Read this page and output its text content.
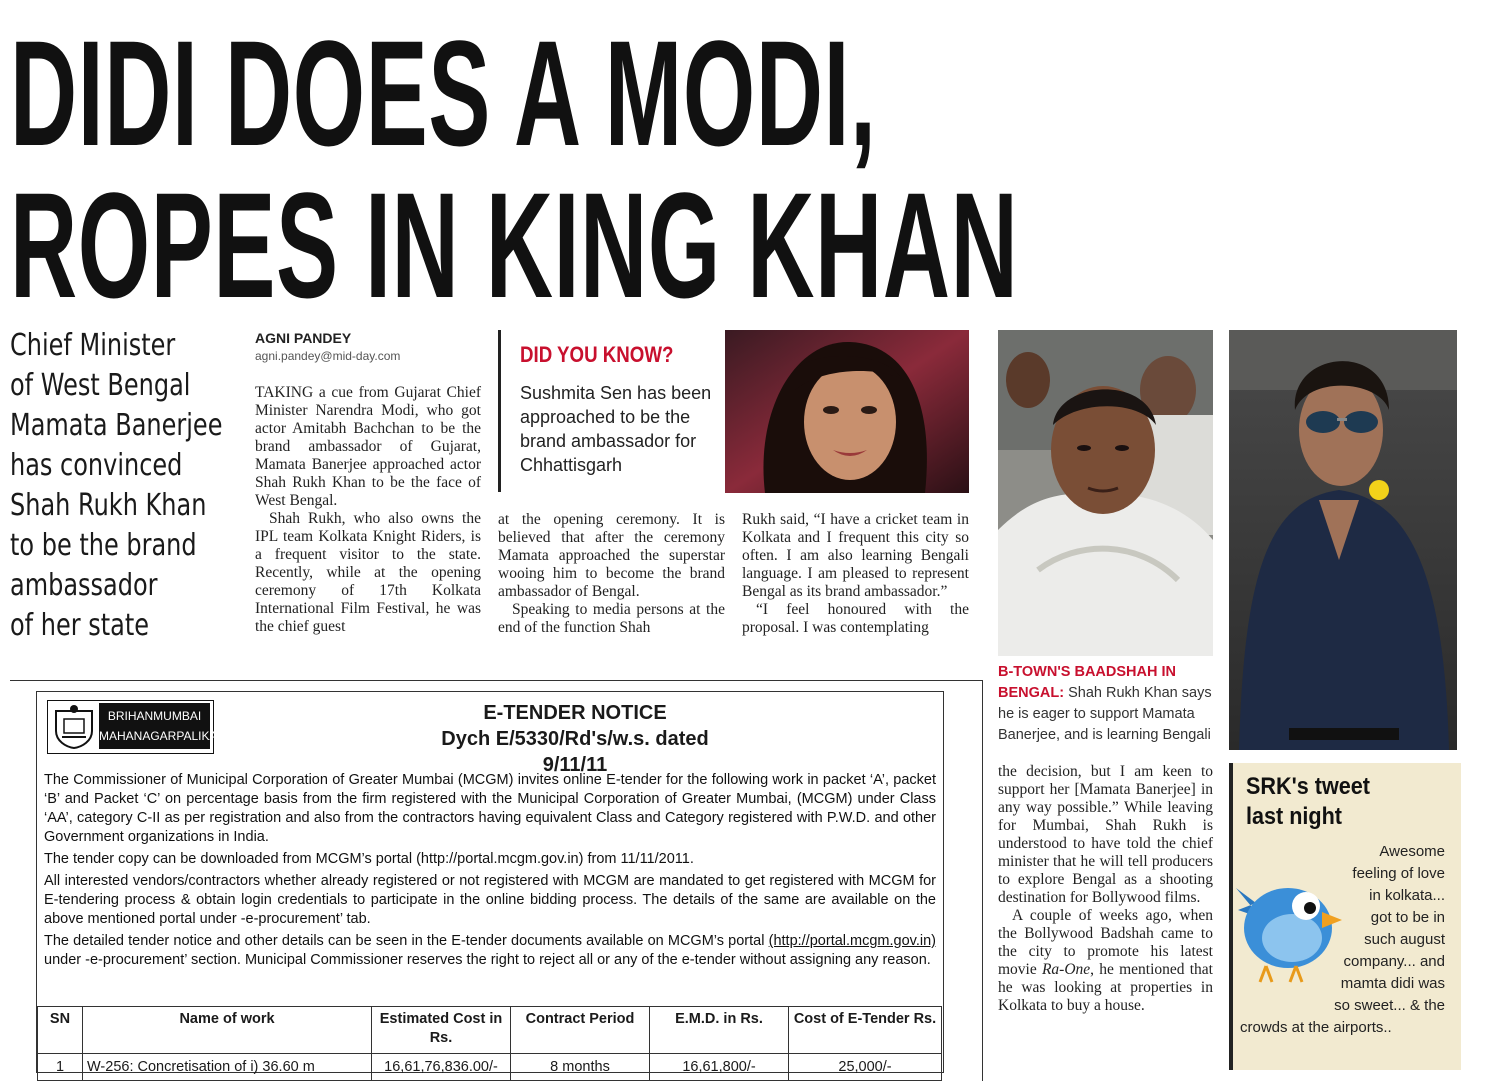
DIDI DOES A MODI,
ROPES IN KING KHAN
Chief Minister
of West Bengal
Mamata Banerjee
has convinced
Shah Rukh Khan
to be the brand
ambassador
of her state
AGNI PANDEY
agni.pandey@mid-day.com

TAKING a cue from Gujarat Chief Minister Narendra Modi, who got actor Amitabh Bachchan to be the brand ambassador of Gujarat, Mamata Banerjee approached actor Shah Rukh Khan to be the face of West Bengal.

Shah Rukh, who also owns the IPL team Kolkata Knight Riders, is a frequent visitor to the state. Recently, while at the opening ceremony of 17th Kolkata International Film Festival, he was the chief guest

DID YOU KNOW?
Sushmita Sen has been approached to be the brand ambassador for Chhattisgarh

at the opening ceremony. It is believed that after the ceremony Mamata approached the superstar wooing him to become the brand ambassador of Bengal.

Speaking to media persons at the end of the function Shah

Rukh said, “I have a cricket team in Kolkata and I frequent this city so often. I am also learning Bengali language. I am pleased to represent Bengal as its brand ambassador.”

“I feel honoured with the proposal. I was contemplating

B-TOWN'S BAADSHAH IN BENGAL: Shah Rukh Khan says he is eager to support Mamata Banerjee, and is learning Bengali

the decision, but I am keen to support her [Mamata Banerjee] in any way possible.” While leaving for Mumbai, Shah Rukh is understood to have told the chief minister that he will tell producers to explore Bengal as a shooting destination for Bollywood films.

A couple of weeks ago, when the Bollywood Badshah came to the city to promote his latest movie Ra-One, he mentioned that he was looking at properties in Kolkata to buy a house.

SRK's tweet
last night
Awesome
feeling of love
in kolkata...
got to be in
such august
company... and
mamta didi was
so sweet... & the
crowds at the airports..
BRIHANMUMBAI
MAHANAGARPALIKA
E-TENDER NOTICE
Dych E/5330/Rd's/w.s. dated 9/11/11

The Commissioner of Municipal Corporation of Greater Mumbai (MCGM) invites online E-tender for the following work in packet ‘A’, packet ‘B’ and Packet ‘C’ on percentage basis from the firm registered with the Municipal Corporation of Greater Mumbai, (MCGM) under Class ‘AA’, category C-II as per registration and also from the contractors having equivalent Class and Category registered with P.W.D. and other Government organizations in India.

The tender copy can be downloaded from MCGM’s portal (http://portal.mcgm.gov.in) from 11/11/2011.

All interested vendors/contractors whether already registered or not registered with MCGM are mandated to get registered with MCGM for E-tendering process & obtain login credentials to participate in the online bidding process. The details of the same are available on the above mentioned portal under -e-procurement’ tab.

The detailed tender notice and other details can be seen in the E-tender documents available on MCGM’s portal (http://portal.mcgm.gov.in) under -e-procurement’ section. Municipal Commissioner reserves the right to reject all or any of the e-tender without assigning any reason.

SN	Name of work	Estimated Cost in Rs.	Contract Period	E.M.D. in Rs.	Cost of E-Tender Rs.
1	W-256: Concretisation of i) 36.60 m	16,61,76,836.00/-	8 months	16,61,800/-	25,000/-
